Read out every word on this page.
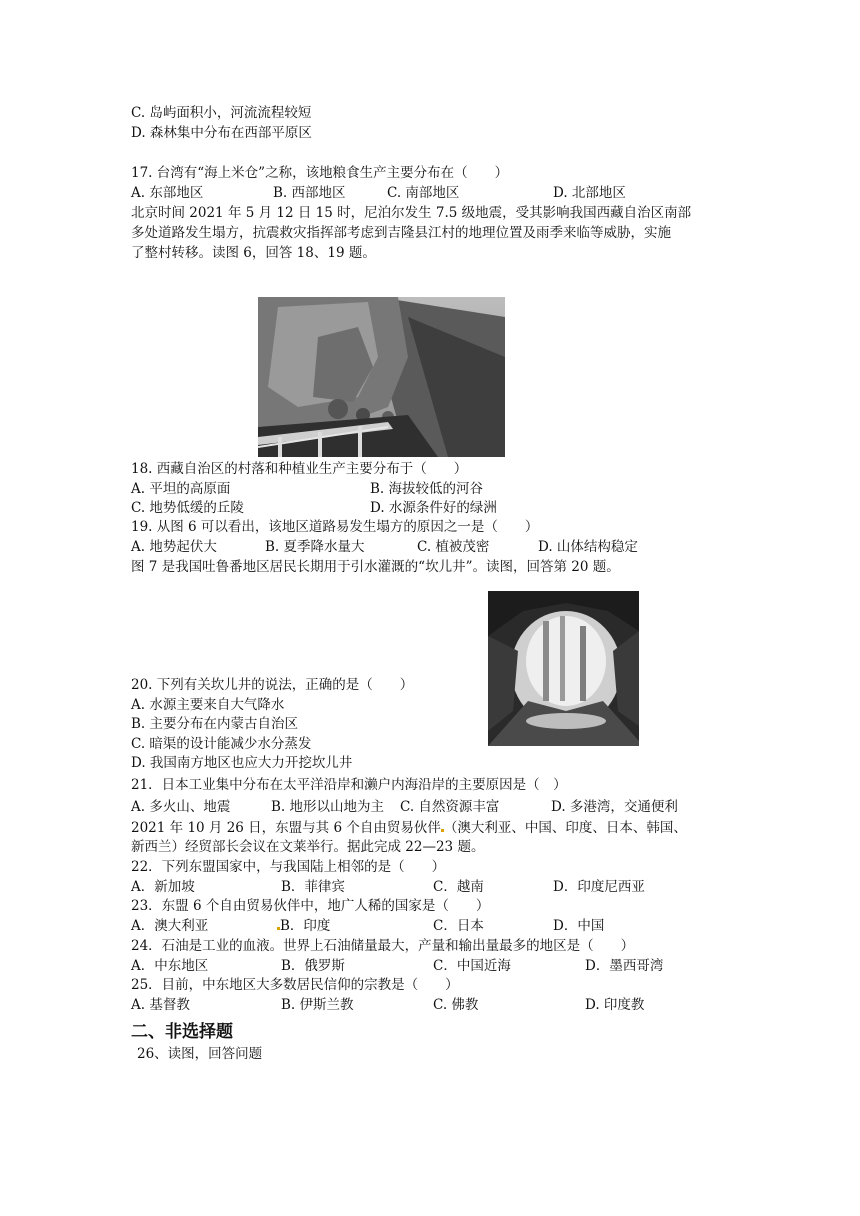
C. 岛屿面积小，河流流程较短
D. 森林集中分布在西部平原区
17. 台湾有“海上米仓”之称，该地粮食生产主要分布在（　　）
A. 东部地区	B. 西部地区	C. 南部地区	D. 北部地区
北京时间 2021 年 5 月 12 日 15 时，尼泊尔发生 7.5 级地震，受其影响我国西藏自治区南部
多处道路发生塌方，抗震救灾指挥部考虑到吉隆县江村的地理位置及雨季来临等威胁，实施
了整村转移。读图 6，回答 18、19 题。
18. 西藏自治区的村落和种植业生产主要分布于（　　）
A. 平坦的高原面	B. 海拔较低的河谷
C. 地势低缓的丘陵	D. 水源条件好的绿洲
19. 从图 6 可以看出，该地区道路易发生塌方的原因之一是（　　）
A. 地势起伏大	B. 夏季降水量大	C. 植被茂密	D. 山体结构稳定
图 7 是我国吐鲁番地区居民长期用于引水灌溉的“坎儿井”。读图，回答第 20 题。
20. 下列有关坎儿井的说法，正确的是（　　）
A. 水源主要来自大气降水
B. 主要分布在内蒙古自治区
C. 暗渠的设计能减少水分蒸发
D. 我国南方地区也应大力开挖坎儿井
21．日本工业集中分布在太平洋沿岸和濑户内海沿岸的主要原因是（　）
A. 多火山、地震	B. 地形以山地为主 C. 自然资源丰富	D. 多港湾，交通便利
2021 年 10 月 26 日，东盟与其 6 个自由贸易伙伴 （澳大利亚、中国、印度、日本、韩国、
新西兰）经贸部长会议在文莱举行。据此完成 22—23 题。
22．下列东盟国家中，与我国陆上相邻的是（　　）
A．新加坡	B．菲律宾	C．越南	D．印度尼西亚
23．东盟 6 个自由贸易伙伴中，地广人稀的国家是（　　）
A．澳大利亚	B．印度	C．日本	D．中国
24．石油是工业的血液。世界上石油储量最大，产量和输出量最多的地区是（　　）
A．中东地区	B．俄罗斯	C．中国近海	D．墨西哥湾
25．目前，中东地区大多数居民信仰的宗教是（　　）
A. 基督教	B. 伊斯兰教	C. 佛教	D. 印度教
二、非选择题
26、读图，回答问题
